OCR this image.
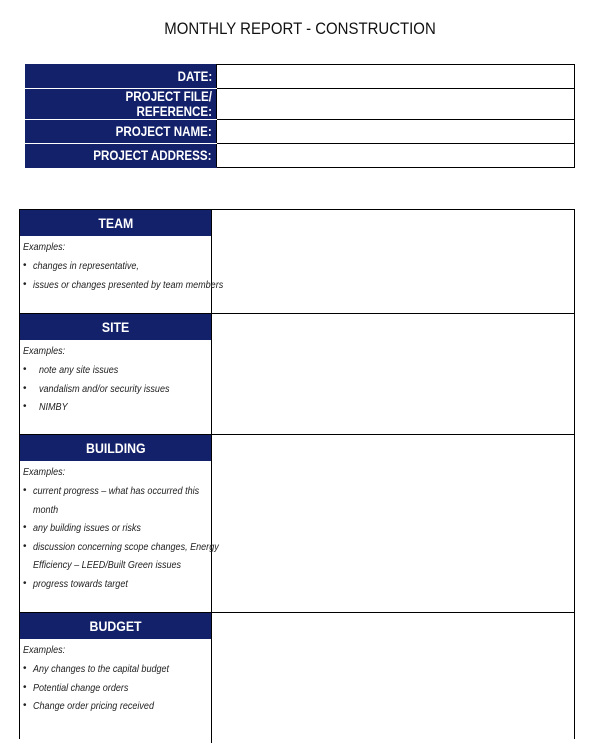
MONTHLY REPORT - CONSTRUCTION
DATE:	
PROJECT FILE/ REFERENCE:	
PROJECT NAME:	
PROJECT ADDRESS:	
TEAM
Examples:
• changes in representative,
• issues or changes presented by team members
SITE
Examples:
• note any site issues
• vandalism and/or security issues
• NIMBY
BUILDING
Examples:
• current progress – what has occurred this
month
• any building issues or risks
• discussion concerning scope changes, Energy
Efficiency – LEED/Built Green issues
• progress towards target
BUDGET
Examples:
• Any changes to the capital budget
• Potential change orders
• Change order pricing received
